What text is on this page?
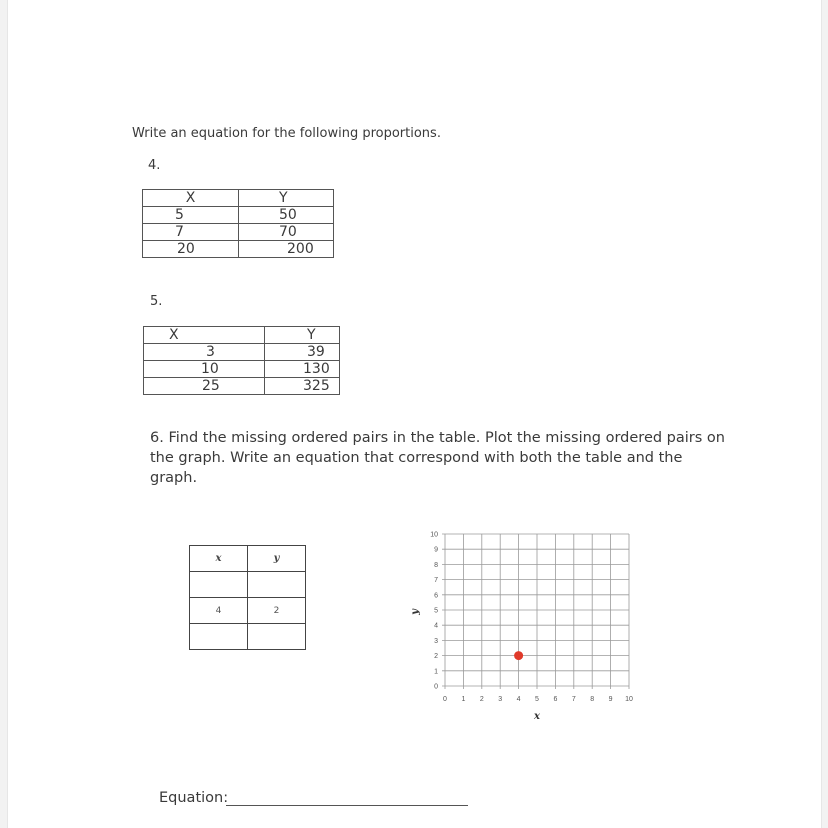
Write an equation for the following proportions.
4.
X	Y
5	50
7	70
20	200
5.
X	Y
3	39
10	130
25	325
6. Find the missing ordered pairs in the table. Plot the missing ordered pairs on the graph. Write an equation that correspond with both the table and the graph.
x	y

4	2

0
1
2
3
4
5
6
7
8
9
10
0 1 2 3 4 5 6 7 8 9 10
y
x
Equation:
